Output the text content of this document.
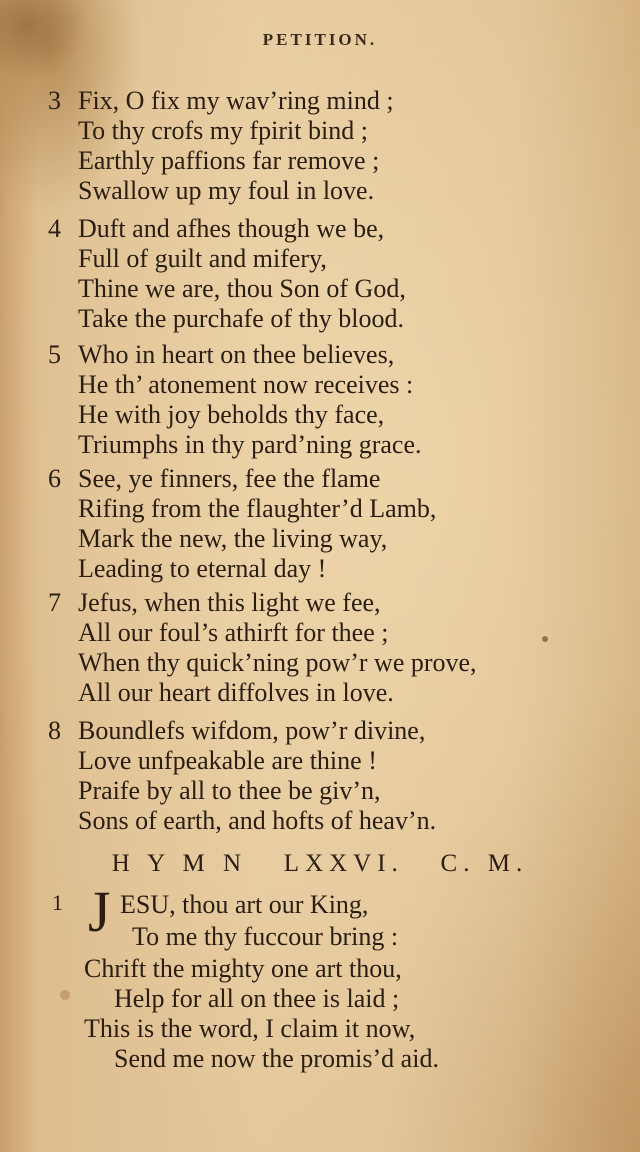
PETITION.
3 Fix, O fix my wav’ring mind ;
To thy crofs my fpirit bind ;
Earthly paffions far remove ;
Swallow up my foul in love.
4 Duft and afhes though we be,
Full of guilt and mifery,
Thine we are, thou Son of God,
Take the purchafe of thy blood.
5 Who in heart on thee believes,
He th’ atonement now receives :
He with joy beholds thy face,
Triumphs in thy pard’ning grace.
6 See, ye finners, fee the flame
Rifing from the flaughter’d Lamb,
Mark the new, the living way,
Leading to eternal day !
7 Jefus, when this light we fee,
All our foul’s athirft for thee ;
When thy quick’ning pow’r we prove,
All our heart diffolves in love.
8 Boundlefs wifdom, pow’r divine,
Love unfpeakable are thine !
Praife by all to thee be giv’n,
Sons of earth, and hofts of heav’n.
H Y M N   LXXVI.   C. M.
1 J ESU, thou art our King,
To me thy fuccour bring :
Chrift the mighty one art thou,
Help for all on thee is laid ;
This is the word, I claim it now,
Send me now the promis’d aid.
